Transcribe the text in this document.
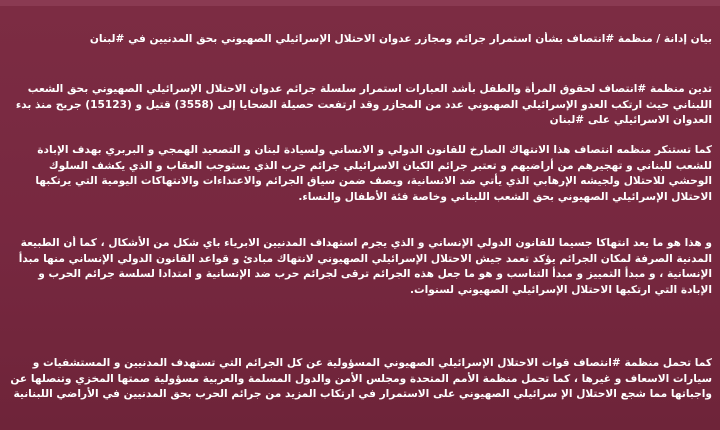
بيان إدانة / منظمة #انتصاف بشأن استمرار جرائم ومجازر عدوان الاحتلال الإسرائيلي الصهيوني بحق المدنيين في #لبنان

تدين منظمة #انتصاف لحقوق المرأة والطفل بأشد العبارات استمرار سلسلة جرائم عدوان الاحتلال الإسرائيلي الصهيوني بحق الشعب اللبناني حيث ارتكب العدو الإسرائيلي الصهيوني عدد من المجازر وقد ارتفعت حصيلة الضحايا إلى (3558) قتيل و (15123) جريح منذ بدء العدوان الاسرائيلي على #لبنان

كما تستنكر منظمه انتصاف هذا الانتهاك الصارخ للقانون الدولي و الانساني ولسيادة لبنان و التصعيد الهمجي و البربري بهدف الإبادة للشعب للبناني و تهجيرهم من أراضيهم و تعتبر جرائم الكيان الاسرائيلي جرائم حرب الذي يستوجب العقاب و الذي يكشف السلوك الوحشي للاحتلال ولجيشه الإرهابي الذي يأتي ضد الانسانية، ويصف ضمن سياق الجرائم والاعتداءات والانتهاكات اليومية التي يرتكبها الاحتلال الإسرائيلي الصهيوني بحق الشعب اللبناني وخاصة فئة الأطفال والنساء.

و هذا هو ما يعد انتهاكا جسيما للقانون الدولي الإنساني و الذي يجرم استهداف المدنيين الابرياء باي شكل من الأشكال ، كما أن الطبيعة المدنية الصرفة لمكان الجرائم يؤكد تعمد جيش الاحتلال الإسرائيلي الصهيوني لانتهاك مبادئ و قواعد القانون الدولي الإنساني منها مبدأ الإنسانية ، و مبدأ التمييز و مبدأ التناسب و هو ما جعل هذه الجرائم ترقى لجرائم حرب ضد الإنسانية و امتدادا لسلسة جرائم الحرب و الإبادة التي ارتكبها الاحتلال الإسرائيلي الصهيوني لسنوات.

كما تحمل منظمة #انتصاف قوات الاحتلال الإسرائيلي الصهيوني المسؤولية عن كل الجرائم التي تستهدف المدنيين و المستشفيات و سيارات الاسعاف و غيرها ، كما تحمل منظمة الأمم المتحدة ومجلس الأمن والدول المسلمة والعربية مسؤولية صمتها المخزي وتنصلها عن واجباتها مما شجع الاحتلال الإ سرائيلي الصهيوني على الاستمرار في ارتكاب المزيد من جرائم الحرب بحق المدنيين في الأراضي اللبنانية
